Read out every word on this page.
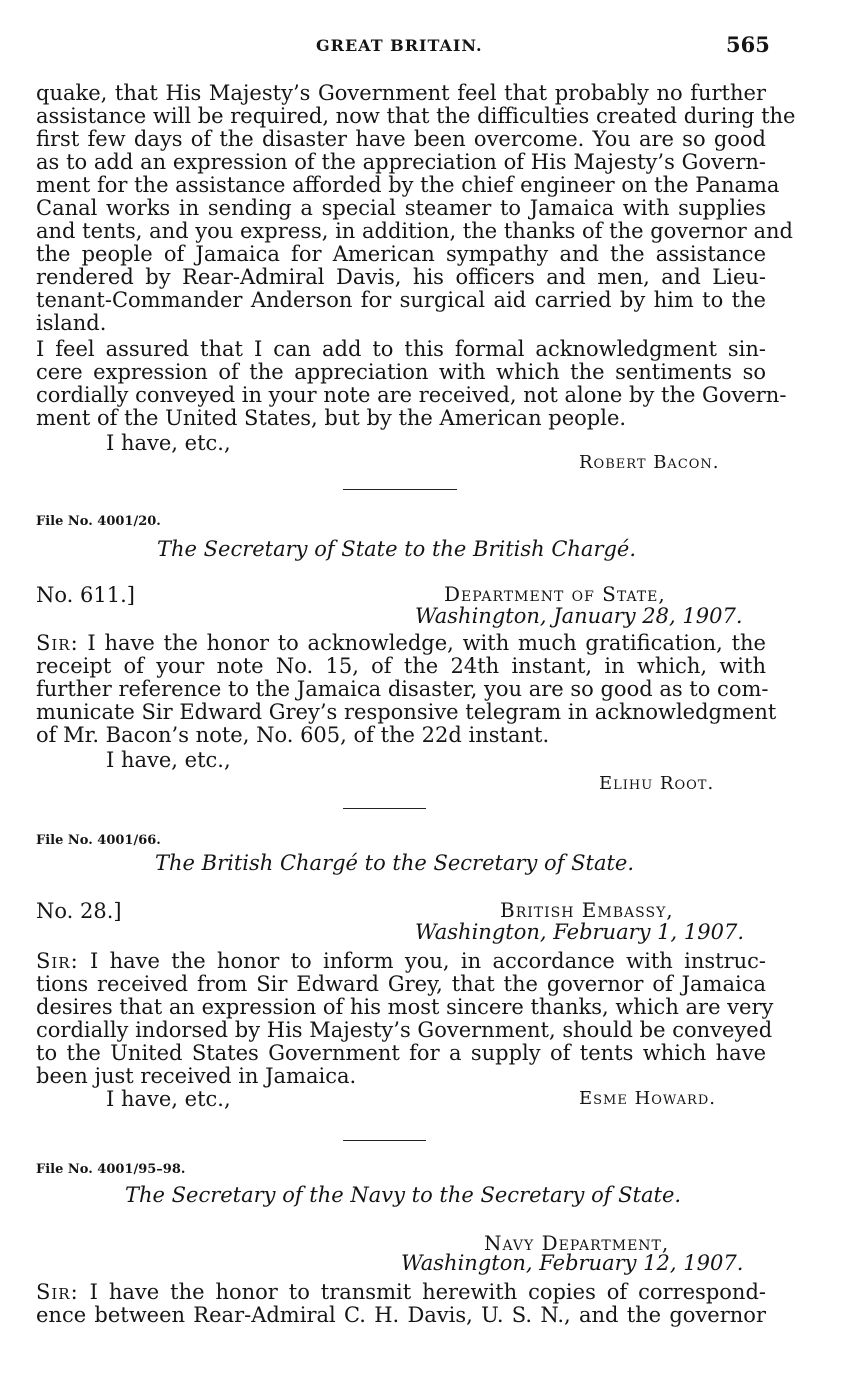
GREAT BRITAIN.	565
quake, that His Majesty’s Government feel that probably no further
assistance will be required, now that the difficulties created during the
first few days of the disaster have been overcome. You are so good
as to add an expression of the appreciation of His Majesty’s Govern-
ment for the assistance afforded by the chief engineer on the Panama
Canal works in sending a special steamer to Jamaica with supplies
and tents, and you express, in addition, the thanks of the governor and
the people of Jamaica for American sympathy and the assistance
rendered by Rear-Admiral Davis, his officers and men, and Lieu-
tenant-Commander Anderson for surgical aid carried by him to the
island.
I feel assured that I can add to this formal acknowledgment sin-
cere expression of the appreciation with which the sentiments so
cordially conveyed in your note are received, not alone by the Govern-
ment of the United States, but by the American people.
I have, etc.,
Robert Bacon.
File No. 4001/20.
The Secretary of State to the British Chargé.
No. 611.]	Department of State,
Washington, January 28, 1907.
Sir: I have the honor to acknowledge, with much gratification, the
receipt of your note No. 15, of the 24th instant, in which, with
further reference to the Jamaica disaster, you are so good as to com-
municate Sir Edward Grey’s responsive telegram in acknowledgment
of Mr. Bacon’s note, No. 605, of the 22d instant.
I have, etc.,
Elihu Root.
File No. 4001/66.
The British Chargé to the Secretary of State.
No. 28.]	British Embassy,
Washington, February 1, 1907.
Sir: I have the honor to inform you, in accordance with instruc-
tions received from Sir Edward Grey, that the governor of Jamaica
desires that an expression of his most sincere thanks, which are very
cordially indorsed by His Majesty’s Government, should be conveyed
to the United States Government for a supply of tents which have
been just received in Jamaica.
I have, etc.,	Esme Howard.
File No. 4001/95–98.
The Secretary of the Navy to the Secretary of State.
Navy Department,
Washington, February 12, 1907.
Sir: I have the honor to transmit herewith copies of correspond-
ence between Rear-Admiral C. H. Davis, U. S. N., and the governor
